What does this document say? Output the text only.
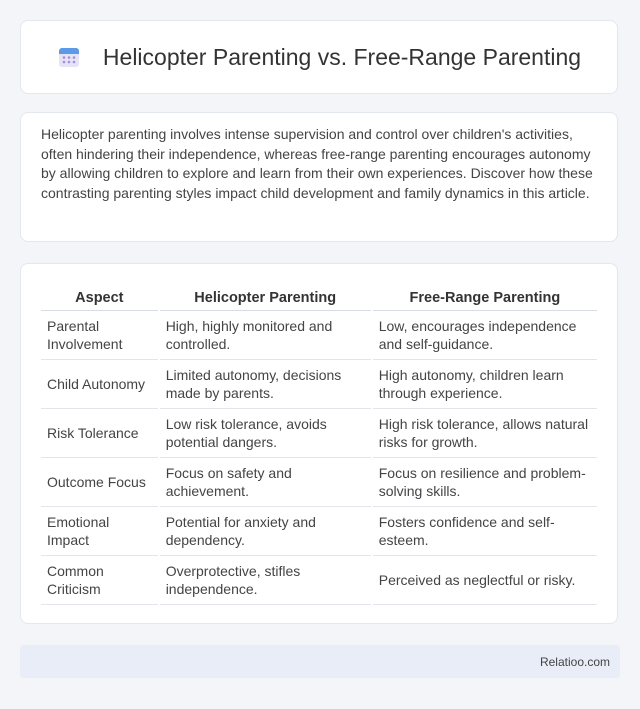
Helicopter Parenting vs. Free-Range Parenting

Helicopter parenting involves intense supervision and control over children's activities, often hindering their independence, whereas free-range parenting encourages autonomy by allowing children to explore and learn from their own experiences. Discover how these contrasting parenting styles impact child development and family dynamics in this article.

Aspect	Helicopter Parenting	Free-Range Parenting
Parental Involvement	High, highly monitored and controlled.	Low, encourages independence and self-guidance.
Child Autonomy	Limited autonomy, decisions made by parents.	High autonomy, children learn through experience.
Risk Tolerance	Low risk tolerance, avoids potential dangers.	High risk tolerance, allows natural risks for growth.
Outcome Focus	Focus on safety and achievement.	Focus on resilience and problem-solving skills.
Emotional Impact	Potential for anxiety and dependency.	Fosters confidence and self-esteem.
Common Criticism	Overprotective, stifles independence.	Perceived as neglectful or risky.
Relatioo.com
